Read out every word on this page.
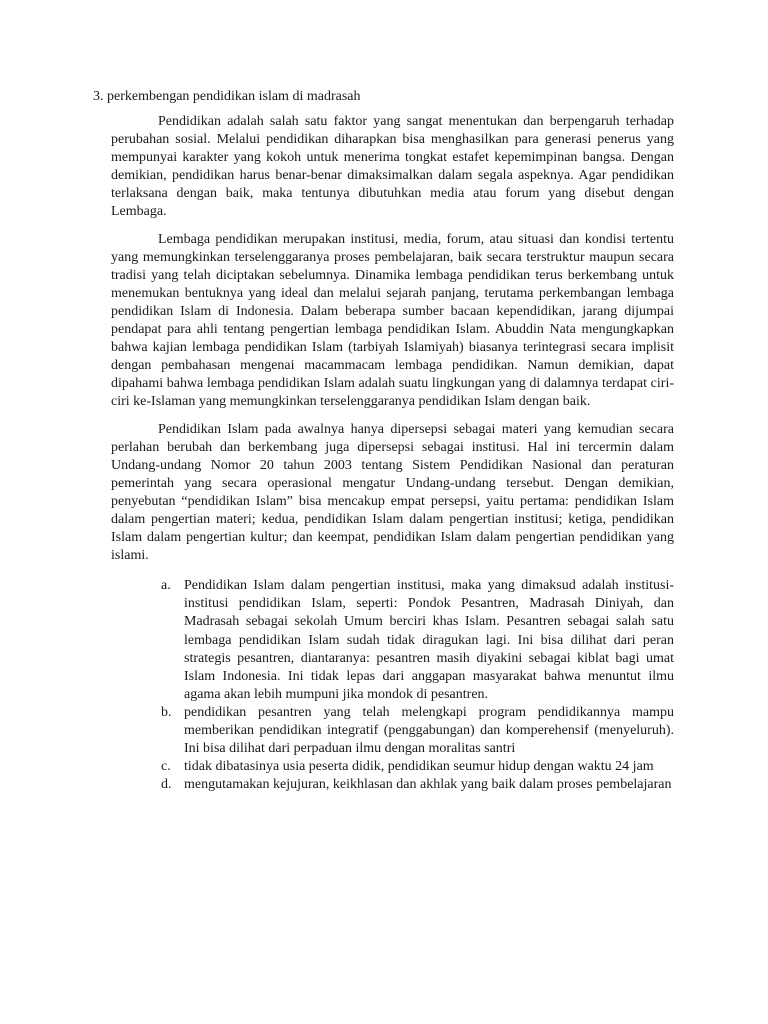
3. perkembengan pendidikan islam di madrasah

Pendidikan adalah salah satu faktor yang sangat menentukan dan berpengaruh terhadap perubahan sosial. Melalui pendidikan diharapkan bisa menghasilkan para generasi penerus yang mempunyai karakter yang kokoh untuk menerima tongkat estafet kepemimpinan bangsa. Dengan demikian, pendidikan harus benar-benar dimaksimalkan dalam segala aspeknya. Agar pendidikan terlaksana dengan baik, maka tentunya dibutuhkan media atau forum yang disebut dengan Lembaga.

Lembaga pendidikan merupakan institusi, media, forum, atau situasi dan kondisi tertentu yang memungkinkan terselenggaranya proses pembelajaran, baik secara terstruktur maupun secara tradisi yang telah diciptakan sebelumnya. Dinamika lembaga pendidikan terus berkembang untuk menemukan bentuknya yang ideal dan melalui sejarah panjang, terutama perkembangan lembaga pendidikan Islam di Indonesia. Dalam beberapa sumber bacaan kependidikan, jarang dijumpai pendapat para ahli tentang pengertian lembaga pendidikan Islam. Abuddin Nata mengungkapkan bahwa kajian lembaga pendidikan Islam (tarbiyah Islamiyah) biasanya terintegrasi secara implisit dengan pembahasan mengenai macammacam lembaga pendidikan. Namun demikian, dapat dipahami bahwa lembaga pendidikan Islam adalah suatu lingkungan yang di dalamnya terdapat ciri-ciri ke-Islaman yang memungkinkan terselenggaranya pendidikan Islam dengan baik.

Pendidikan Islam pada awalnya hanya dipersepsi sebagai materi yang kemudian secara perlahan berubah dan berkembang juga dipersepsi sebagai institusi. Hal ini tercermin dalam Undang-undang Nomor 20 tahun 2003 tentang Sistem Pendidikan Nasional dan peraturan pemerintah yang secara operasional mengatur Undang-undang tersebut. Dengan demikian, penyebutan “pendidikan Islam” bisa mencakup empat persepsi, yaitu pertama: pendidikan Islam dalam pengertian materi; kedua, pendidikan Islam dalam pengertian institusi; ketiga, pendidikan Islam dalam pengertian kultur; dan keempat, pendidikan Islam dalam pengertian pendidikan yang islami.

a. Pendidikan Islam dalam pengertian institusi, maka yang dimaksud adalah institusi-institusi pendidikan Islam, seperti: Pondok Pesantren, Madrasah Diniyah, dan Madrasah sebagai sekolah Umum berciri khas Islam. Pesantren sebagai salah satu lembaga pendidikan Islam sudah tidak diragukan lagi. Ini bisa dilihat dari peran strategis pesantren, diantaranya: pesantren masih diyakini sebagai kiblat bagi umat Islam Indonesia. Ini tidak lepas dari anggapan masyarakat bahwa menuntut ilmu agama akan lebih mumpuni jika mondok di pesantren.
b. pendidikan pesantren yang telah melengkapi program pendidikannya mampu memberikan pendidikan integratif (penggabungan) dan komperehensif (menyeluruh). Ini bisa dilihat dari perpaduan ilmu dengan moralitas santri
c. tidak dibatasinya usia peserta didik, pendidikan seumur hidup dengan waktu 24 jam
d. mengutamakan kejujuran, keikhlasan dan akhlak yang baik dalam proses pembelajaran
